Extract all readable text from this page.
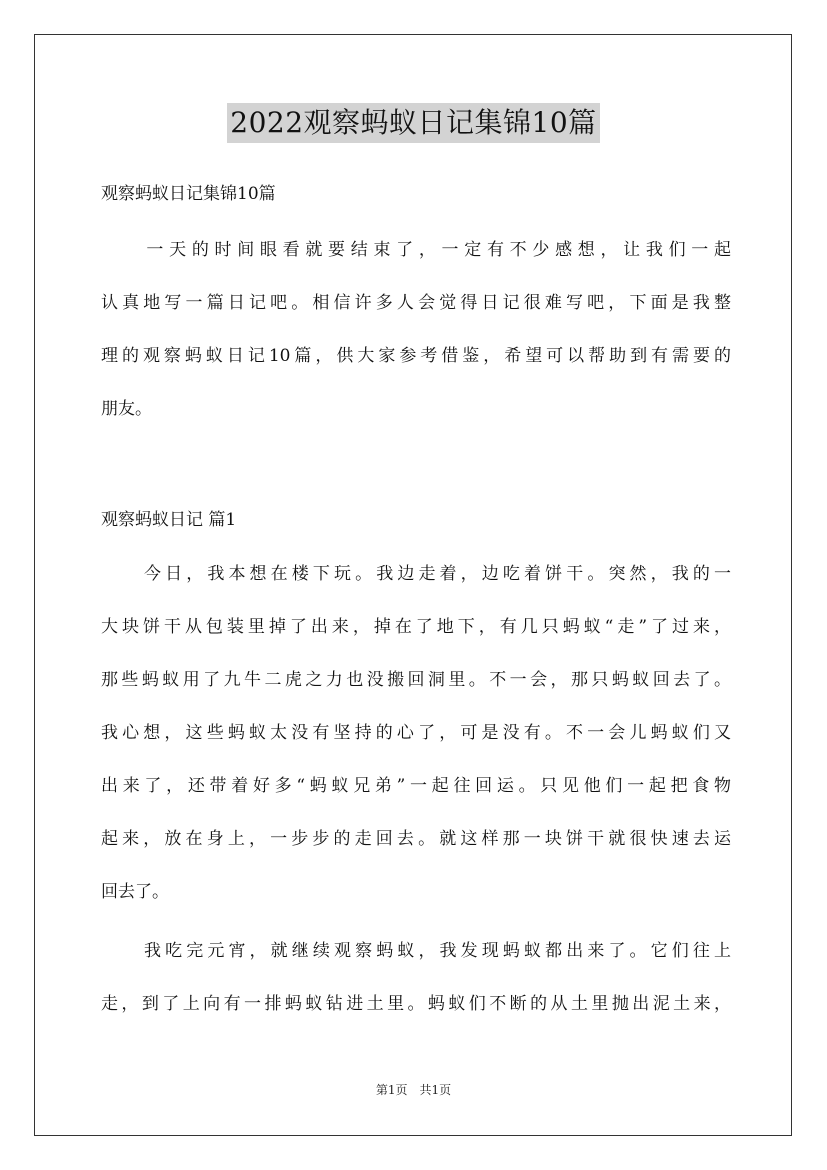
2022观察蚂蚁日记集锦10篇
观察蚂蚁日记集锦10篇
　　一天的时间眼看就要结束了，一定有不少感想，让我们一起
认真地写一篇日记吧。相信许多人会觉得日记很难写吧，下面是我整
理的观察蚂蚁日记10篇，供大家参考借鉴，希望可以帮助到有需要的
朋友。
观察蚂蚁日记 篇1
今日，我本想在楼下玩。我边走着，边吃着饼干。突然，我的一
大块饼干从包装里掉了出来，掉在了地下，有几只蚂蚁“走”了过来，
那些蚂蚁用了九牛二虎之力也没搬回洞里。不一会，那只蚂蚁回去了。
我心想，这些蚂蚁太没有坚持的心了，可是没有。不一会儿蚂蚁们又
出来了，还带着好多“蚂蚁兄弟”一起往回运。只见他们一起把食物
起来，放在身上，一步步的走回去。就这样那一块饼干就很快速去运
回去了。
我吃完元宵，就继续观察蚂蚁，我发现蚂蚁都出来了。它们往上
走，到了上向有一排蚂蚁钻进土里。蚂蚁们不断的从土里抛出泥土来，
第1页　共1页
